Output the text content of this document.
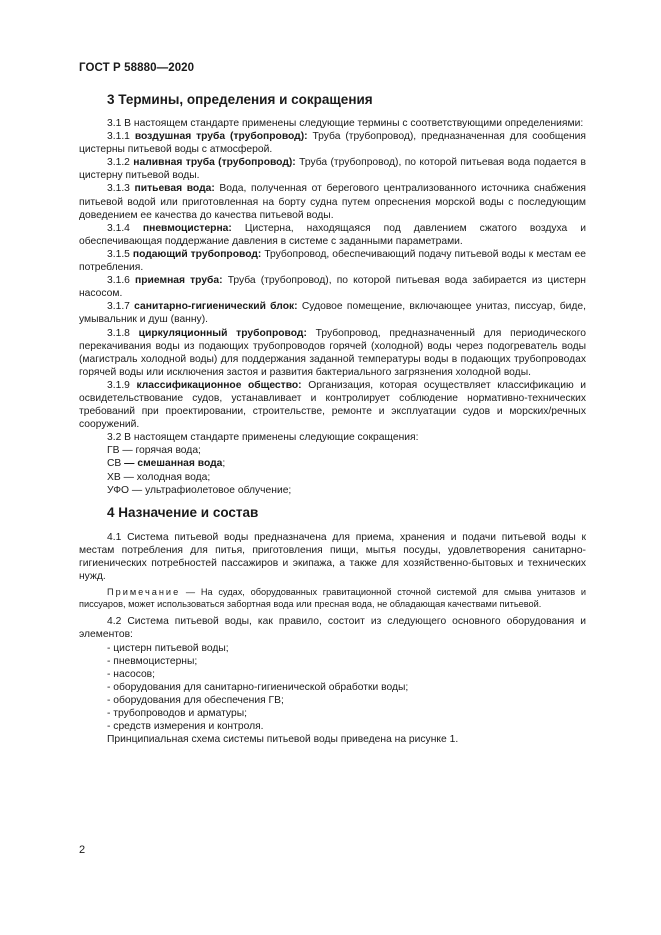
ГОСТ Р 58880—2020
3 Термины, определения и сокращения

3.1 В настоящем стандарте применены следующие термины с соответствующими определениями:

3.1.1 воздушная труба (трубопровод): Труба (трубопровод), предназначенная для сообщения цистерны питьевой воды с атмосферой.

3.1.2 наливная труба (трубопровод): Труба (трубопровод), по которой питьевая вода подается в цистерну питьевой воды.

3.1.3 питьевая вода: Вода, полученная от берегового централизованного источника снабжения питьевой водой или приготовленная на борту судна путем опреснения морской воды с последующим доведением ее качества до качества питьевой воды.

3.1.4 пневмоцистерна: Цистерна, находящаяся под давлением сжатого воздуха и обеспечивающая поддержание давления в системе с заданными параметрами.

3.1.5 подающий трубопровод: Трубопровод, обеспечивающий подачу питьевой воды к местам ее потребления.

3.1.6 приемная труба: Труба (трубопровод), по которой питьевая вода забирается из цистерн насосом.

3.1.7 санитарно-гигиенический блок: Судовое помещение, включающее унитаз, писсуар, биде, умывальник и душ (ванну).

3.1.8 циркуляционный трубопровод: Трубопровод, предназначенный для периодического перекачивания воды из подающих трубопроводов горячей (холодной) воды через подогреватель воды (магистраль холодной воды) для поддержания заданной температуры воды в подающих трубопроводах горячей воды или исключения застоя и развития бактериального загрязнения холодной воды.

3.1.9 классификационное общество: Организация, которая осуществляет классификацию и освидетельствование судов, устанавливает и контролирует соблюдение нормативно-технических требований при проектировании, строительстве, ремонте и эксплуатации судов и морских/речных сооружений.

3.2 В настоящем стандарте применены следующие сокращения:

ГВ — горячая вода;

СВ — смешанная вода;

ХВ — холодная вода;

УФО — ультрафиолетовое облучение;

4 Назначение и состав

4.1 Система питьевой воды предназначена для приема, хранения и подачи питьевой воды к местам потребления для питья, приготовления пищи, мытья посуды, удовлетворения санитарно-гигиенических потребностей пассажиров и экипажа, а также для хозяйственно-бытовых и технических нужд.

Примечание — На судах, оборудованных гравитационной сточной системой для смыва унитазов и писсуаров, может использоваться забортная вода или пресная вода, не обладающая качествами питьевой.

4.2 Система питьевой воды, как правило, состоит из следующего основного оборудования и элементов:

- цистерн питьевой воды;

- пневмоцистерны;

- насосов;

- оборудования для санитарно-гигиенической обработки воды;

- оборудования для обеспечения ГВ;

- трубопроводов и арматуры;

- средств измерения и контроля.

Принципиальная схема системы питьевой воды приведена на рисунке 1.

2
